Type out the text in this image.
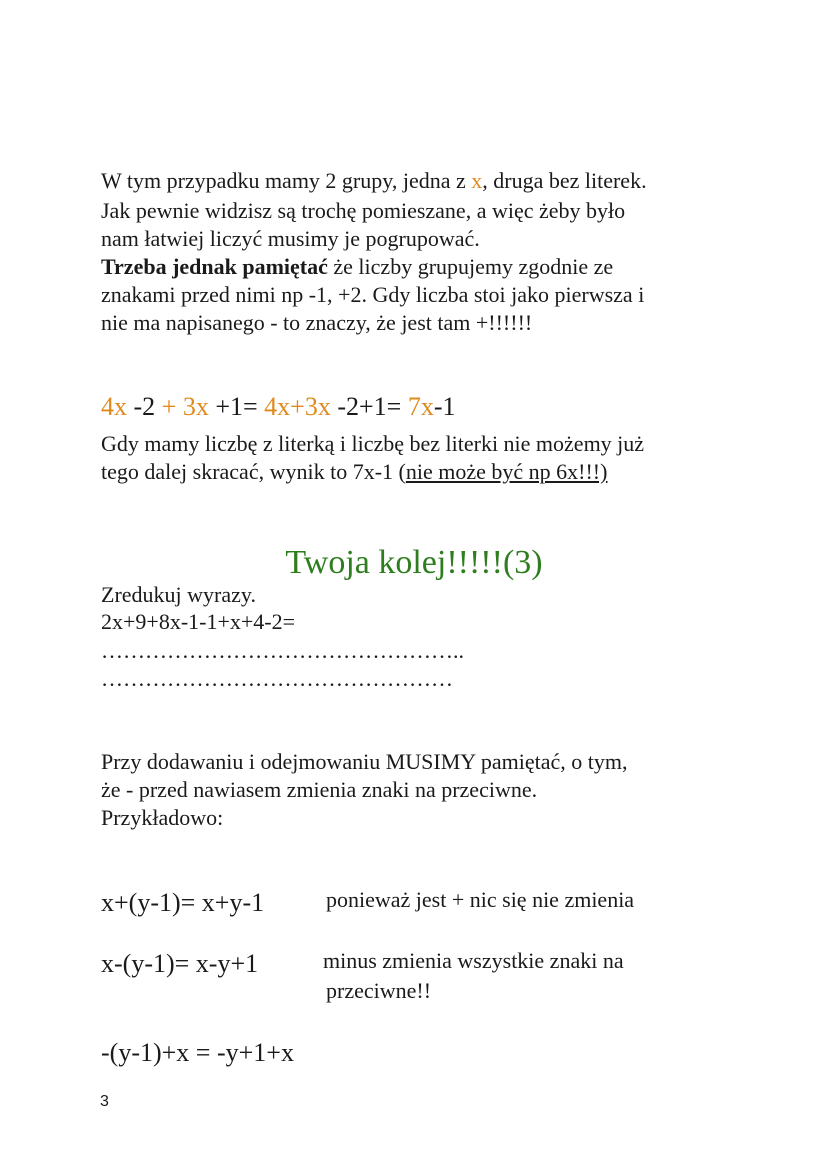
W tym przypadku mamy 2 grupy, jedna z x, druga bez literek.

Jak pewnie widzisz są trochę pomieszane, a więc żeby było

nam łatwiej liczyć musimy je pogrupować.

Trzeba jednak pamiętać że liczby grupujemy zgodnie ze

znakami przed nimi np -1, +2. Gdy liczba stoi jako pierwsza i

nie ma napisanego - to znaczy, że jest tam +!!!!!!

4x -2 + 3x +1= 4x+3x -2+1= 7x-1

Gdy mamy liczbę z literką i liczbę bez literki nie możemy już

tego dalej skracać, wynik to 7x-1 (nie może być np 6x!!!)

Twoja kolej!!!!!(3)

Zredukuj wyrazy.

2x+9+8x-1-1+x+4-2=

…………………………………………..

…………………………………………

Przy dodawaniu i odejmowaniu MUSIMY pamiętać, o tym,

że - przed nawiasem zmienia znaki na przeciwne.

Przykładowo:

x+(y-1)= x+y-1	ponieważ jest + nic się nie zmienia

x-(y-1)= x-y+1	minus zmienia wszystkie znaki na

przeciwne!!

-(y-1)+x = -y+1+x

3
